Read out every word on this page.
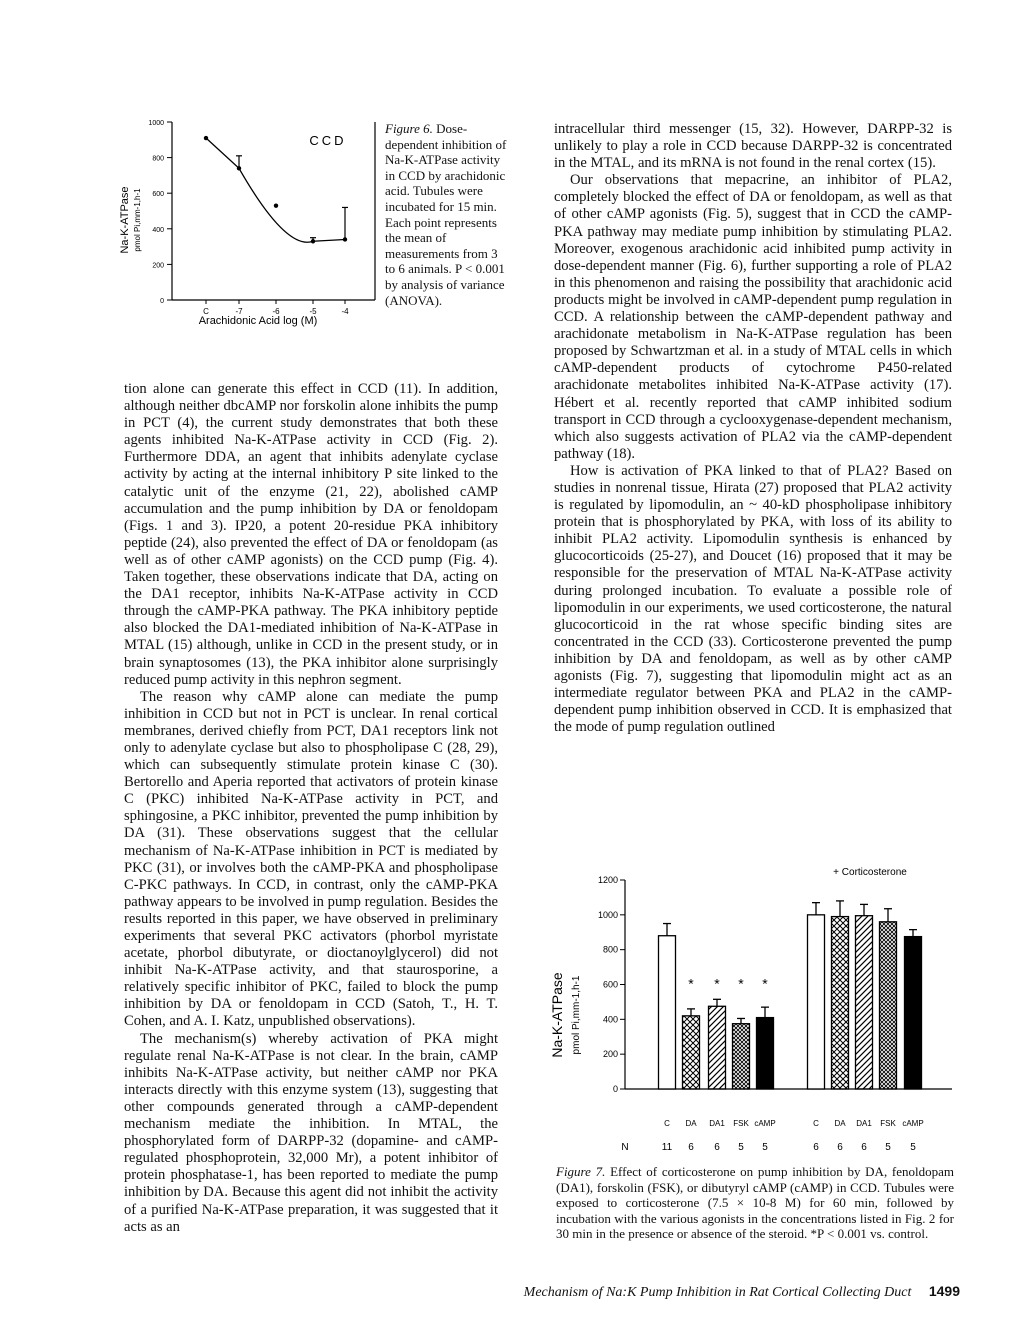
0
200
400
600
800
1000
C	-7	-6	-5	-4
CCD
Na-K-ATPase pmol Pi,mm-1,h-1
Arachidonic Acid log (M)
Figure 6. Dose-dependent inhibition of Na-K-ATPase activity in CCD by arachidonic acid. Tubules were incubated for 15 min. Each point represents the mean of measurements from 3 to 6 animals. P < 0.001 by analysis of variance (ANOVA).

tion alone can generate this effect in CCD (11). In addition, although neither dbcAMP nor forskolin alone inhibits the pump in PCT (4), the current study demonstrates that both these agents inhibited Na-K-ATPase activity in CCD (Fig. 2). Furthermore DDA, an agent that inhibits adenylate cyclase activity by acting at the internal inhibitory P site linked to the catalytic unit of the enzyme (21, 22), abolished cAMP accumulation and the pump inhibition by DA or fenoldopam (Figs. 1 and 3). IP20, a potent 20-residue PKA inhibitory peptide (24), also prevented the effect of DA or fenoldopam (as well as of other cAMP agonists) on the CCD pump (Fig. 4). Taken together, these observations indicate that DA, acting on the DA1 receptor, inhibits Na-K-ATPase activity in CCD through the cAMP-PKA pathway. The PKA inhibitory peptide also blocked the DA1-mediated inhibition of Na-K-ATPase in MTAL (15) although, unlike in CCD in the present study, or in brain synaptosomes (13), the PKA inhibitor alone surprisingly reduced pump activity in this nephron segment.

The reason why cAMP alone can mediate the pump inhibition in CCD but not in PCT is unclear. In renal cortical membranes, derived chiefly from PCT, DA1 receptors link not only to adenylate cyclase but also to phospholipase C (28, 29), which can subsequently stimulate protein kinase C (30). Bertorello and Aperia reported that activators of protein kinase C (PKC) inhibited Na-K-ATPase activity in PCT, and sphingosine, a PKC inhibitor, prevented the pump inhibition by DA (31). These observations suggest that the cellular mechanism of Na-K-ATPase inhibition in PCT is mediated by PKC (31), or involves both the cAMP-PKA and phospholipase C-PKC pathways. In CCD, in contrast, only the cAMP-PKA pathway appears to be involved in pump regulation. Besides the results reported in this paper, we have observed in preliminary experiments that several PKC activators (phorbol myristate acetate, phorbol dibutyrate, or dioctanoylglycerol) did not inhibit Na-K-ATPase activity, and that staurosporine, a relatively specific inhibitor of PKC, failed to block the pump inhibition by DA or fenoldopam in CCD (Satoh, T., H. T. Cohen, and A. I. Katz, unpublished observations).

The mechanism(s) whereby activation of PKA might regulate renal Na-K-ATPase is not clear. In the brain, cAMP inhibits Na-K-ATPase activity, but neither cAMP nor PKA interacts directly with this enzyme system (13), suggesting that other compounds generated through a cAMP-dependent mechanism mediate the inhibition. In MTAL, the phosphorylated form of DARPP-32 (dopamine- and cAMP-regulated phosphoprotein, 32,000 Mr), a potent inhibitor of protein phosphatase-1, has been reported to mediate the pump inhibition by DA. Because this agent did not inhibit the activity of a purified Na-K-ATPase preparation, it was suggested that it acts as an

intracellular third messenger (15, 32). However, DARPP-32 is unlikely to play a role in CCD because DARPP-32 is concentrated in the MTAL, and its mRNA is not found in the renal cortex (15).

Our observations that mepacrine, an inhibitor of PLA2, completely blocked the effect of DA or fenoldopam, as well as that of other cAMP agonists (Fig. 5), suggest that in CCD the cAMP-PKA pathway may mediate pump inhibition by stimulating PLA2. Moreover, exogenous arachidonic acid inhibited pump activity in dose-dependent manner (Fig. 6), further supporting a role of PLA2 in this phenomenon and raising the possibility that arachidonic acid products might be involved in cAMP-dependent pump regulation in CCD. A relationship between the cAMP-dependent pathway and arachidonate metabolism in Na-K-ATPase regulation has been proposed by Schwartzman et al. in a study of MTAL cells in which cAMP-dependent products of cytochrome P450-related arachidonate metabolites inhibited Na-K-ATPase activity (17). Hébert et al. recently reported that cAMP inhibited sodium transport in CCD through a cyclooxygenase-dependent mechanism, which also suggests activation of PLA2 via the cAMP-dependent pathway (18).

How is activation of PKA linked to that of PLA2? Based on studies in nonrenal tissue, Hirata (27) proposed that PLA2 activity is regulated by lipomodulin, an ~ 40-kD phospholipase inhibitory protein that is phosphorylated by PKA, with loss of its ability to inhibit PLA2 activity. Lipomodulin synthesis is enhanced by glucocorticoids (25-27), and Doucet (16) proposed that it may be responsible for the preservation of MTAL Na-K-ATPase activity during prolonged incubation. To evaluate a possible role of lipomodulin in our experiments, we used corticosterone, the natural glucocorticoid in the rat whose specific binding sites are concentrated in the CCD (33). Corticosterone prevented the pump inhibition by DA and fenoldopam, as well as by other cAMP agonists (Fig. 7), suggesting that lipomodulin might act as an intermediate regulator between PKA and PLA2 in the cAMP-dependent pump inhibition observed in CCD. It is emphasized that the mode of pump regulation outlined

0
200
400
600
800
1000
1200
C
11
*
DA
6
*
DA1
6
*
FSK
5
*
cAMP
5
C
6
DA
6
DA1
6
FSK
5
cAMP
5
+ Corticosterone
Na-K-ATPase pmol Pi,mm-1,h-1
N
Figure 7. Effect of corticosterone on pump inhibition by DA, fenoldopam (DA1), forskolin (FSK), or dibutyryl cAMP (cAMP) in CCD. Tubules were exposed to corticosterone (7.5 × 10-8 M) for 60 min, followed by incubation with the various agonists in the concentrations listed in Fig. 2 for 30 min in the presence or absence of the steroid. *P < 0.001 vs. control.
Mechanism of Na:K Pump Inhibition in Rat Cortical Collecting Duct 1499
